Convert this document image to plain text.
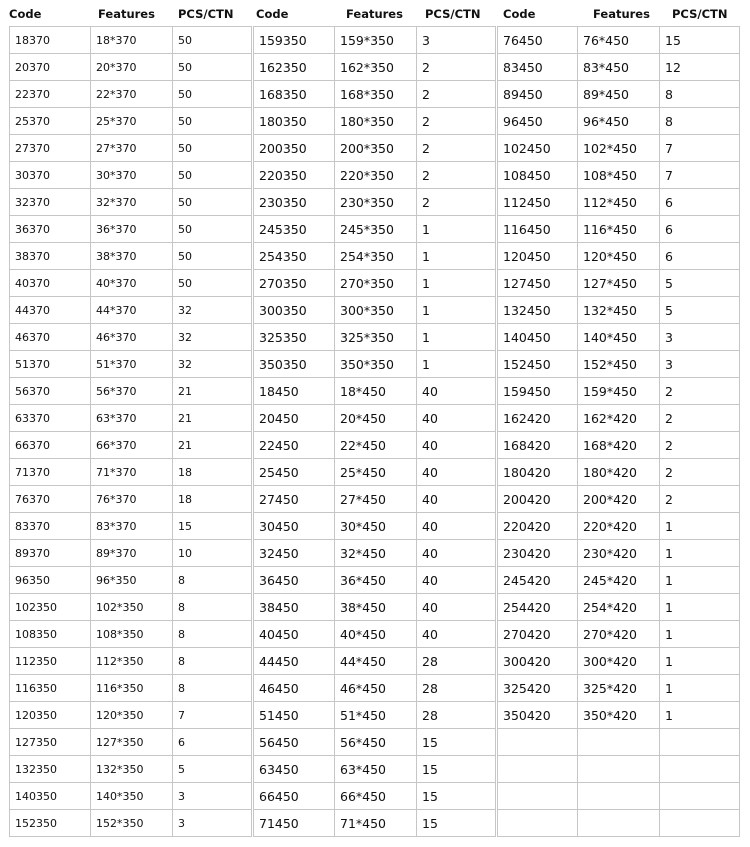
Code	Features PCS/CTN
18370	18*370	50
20370	20*370	50
22370	22*370	50
25370	25*370	50
27370	27*370	50
30370	30*370	50
32370	32*370	50
36370	36*370	50
38370	38*370	50
40370	40*370	50
44370	44*370	32
46370	46*370	32
51370	51*370	32
56370	56*370	21
63370	63*370	21
66370	66*370	21
71370	71*370	18
76370	76*370	18
83370	83*370	15
89370	89*370	10
96350	96*350	8
102350	102*350	8
108350	108*350	8
112350	112*350	8
116350	116*350	8
120350	120*350	7
127350	127*350	6
132350	132*350	5
140350	140*350	3
152350	152*350	3
Code	Features PCS/CTN
159350	159*350	3
162350	162*350	2
168350	168*350	2
180350	180*350	2
200350	200*350	2
220350	220*350	2
230350	230*350	2
245350	245*350	1
254350	254*350	1
270350	270*350	1
300350	300*350	1
325350	325*350	1
350350	350*350	1
18450	18*450	40
20450	20*450	40
22450	22*450	40
25450	25*450	40
27450	27*450	40
30450	30*450	40
32450	32*450	40
36450	36*450	40
38450	38*450	40
40450	40*450	40
44450	44*450	28
46450	46*450	28
51450	51*450	28
56450	56*450	15
63450	63*450	15
66450	66*450	15
71450	71*450	15
Code	Features PCS/CTN
76450	76*450	15
83450	83*450	12
89450	89*450	8
96450	96*450	8
102450	102*450	7
108450	108*450	7
112450	112*450	6
116450	116*450	6
120450	120*450	6
127450	127*450	5
132450	132*450	5
140450	140*450	3
152450	152*450	3
159450	159*450	2
162420	162*420	2
168420	168*420	2
180420	180*420	2
200420	200*420	2
220420	220*420	1
230420	230*420	1
245420	245*420	1
254420	254*420	1
270420	270*420	1
300420	300*420	1
325420	325*420	1
350420	350*420	1
